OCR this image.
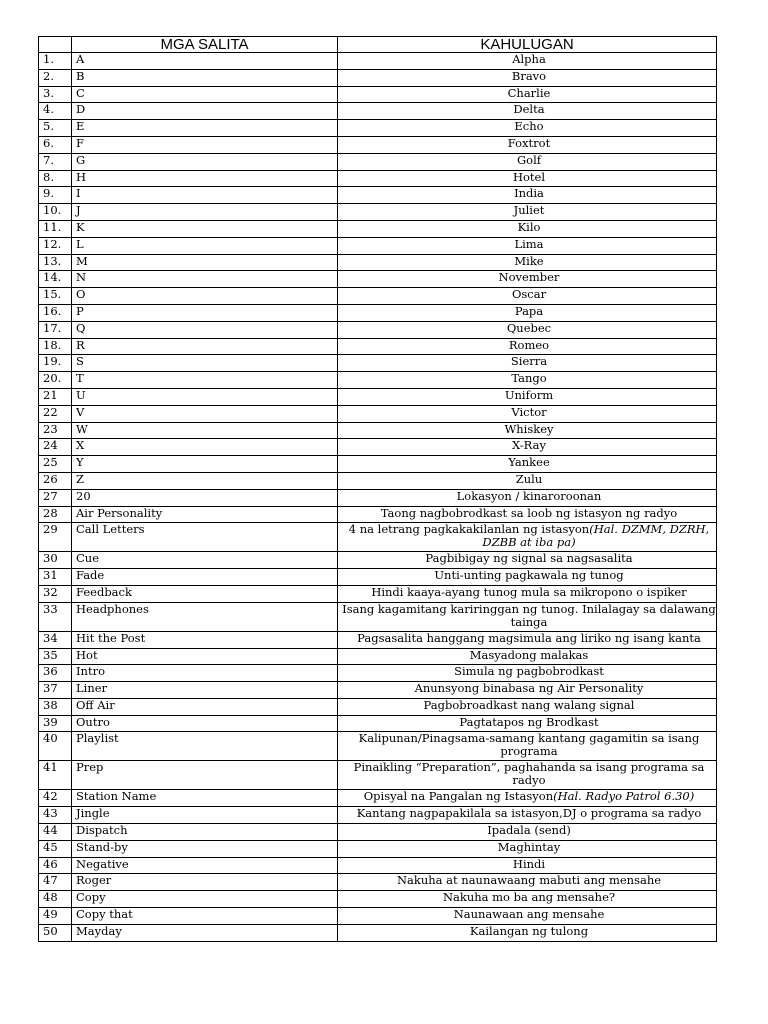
	MGA SALITA	KAHULUGAN
1.	A	Alpha
2.	B	Bravo
3.	C	Charlie
4.	D	Delta
5.	E	Echo
6.	F	Foxtrot
7.	G	Golf
8.	H	Hotel
9.	I	India
10.	J	Juliet
11.	K	Kilo
12.	L	Lima
13.	M	Mike
14.	N	November
15.	O	Oscar
16.	P	Papa
17.	Q	Quebec
18.	R	Romeo
19.	S	Sierra
20.	T	Tango
21	U	Uniform
22	V	Victor
23	W	Whiskey
24	X	X-Ray
25	Y	Yankee
26	Z	Zulu
27	20	Lokasyon / kinaroroonan
28	Air Personality	Taong nagbobrodkast sa loob ng istasyon ng radyo
29	Call Letters	4 na letrang pagkakakilanlan ng istasyon(Hal. DZMM, DZRH, DZBB at iba pa)
30	Cue	Pagbibigay ng signal sa nagsasalita
31	Fade	Unti-unting pagkawala ng tunog
32	Feedback	Hindi kaaya-ayang tunog mula sa mikropono o ispiker
33	Headphones	Isang kagamitang kariringgan ng tunog. Inilalagay sa dalawang tainga
34	Hit the Post	Pagsasalita hanggang magsimula ang liriko ng isang kanta
35	Hot	Masyadong malakas
36	Intro	Simula ng pagbobrodkast
37	Liner	Anunsyong binabasa ng Air Personality
38	Off Air	Pagbobroadkast nang walang signal
39	Outro	Pagtatapos ng Brodkast
40	Playlist	Kalipunan/Pinagsama-samang kantang gagamitin sa isang programa
41	Prep	Pinaikling “Preparation”, paghahanda sa isang programa sa radyo
42	Station Name	Opisyal na Pangalan ng Istasyon(Hal. Radyo Patrol 6.30)
43	Jingle	Kantang nagpapakilala sa istasyon,DJ o programa sa radyo
44	Dispatch	Ipadala (send)
45	Stand-by	Maghintay
46	Negative	Hindi
47	Roger	Nakuha at naunawaang mabuti ang mensahe
48	Copy	Nakuha mo ba ang mensahe?
49	Copy that	Naunawaan ang mensahe
50	Mayday	Kailangan ng tulong
